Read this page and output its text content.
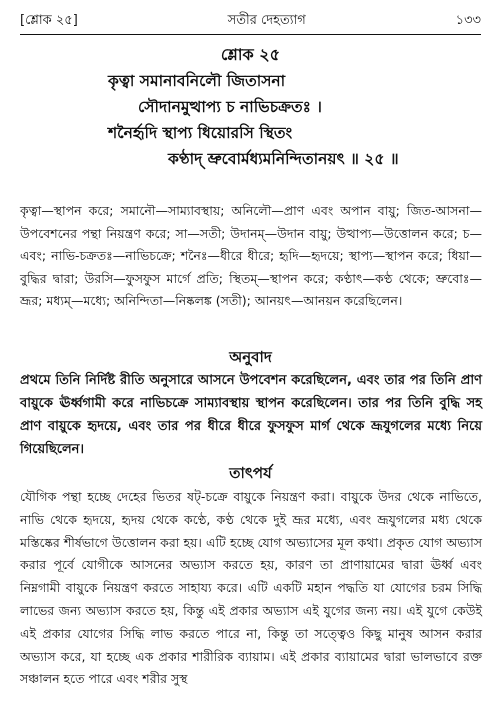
[শ্লোক ২৫]	সতীর দেহত্যাগ	১৩৩
শ্লোক ২৫
কৃত্বা সমানাবনিলৌ জিতাসনা
সৌদানমুত্থাপ্য চ নাভিচক্রতঃ ।
শনৈর্হৃদি স্থাপ্য ধিয়োরসি স্থিতং
কণ্ঠাদ্ ভ্রুবোর্মধ্যমনিন্দিতানয়ৎ ॥ ২৫ ॥
কৃত্বা—স্থাপন করে; সমানৌ—সাম্যাবস্থায়; অনিলৌ—প্রাণ এবং অপান বায়ু; জিত-আসনা—উপবেশনের পন্থা নিয়ন্ত্রণ করে; সা—সতী; উদানম্—উদান বায়ু; উত্থাপ্য—উত্তোলন করে; চ—এবং; নাভি-চক্রতঃ—নাভিচক্রে; শনৈঃ—ধীরে ধীরে; হৃদি—হৃদয়ে; স্থাপ্য—স্থাপন করে; ধিয়া—বুদ্ধির দ্বারা; উরসি—ফুসফুস মার্গে প্রতি; স্থিতম্—স্থাপন করে; কণ্ঠাৎ—কণ্ঠ থেকে; ভ্রুবোঃ—ভ্রূর; মধ্যম্—মধ্যে; অনিন্দিতা—নিষ্কলঙ্ক (সতী); আনয়ৎ—আনয়ন করেছিলেন।
অনুবাদ
প্রথমে তিনি নির্দিষ্ট রীতি অনুসারে আসনে উপবেশন করেছিলেন, এবং তার পর তিনি প্রাণ বায়ুকে ঊর্ধ্বগামী করে নাভিচক্রে সাম্যাবস্থায় স্থাপন করেছিলেন। তার পর তিনি বুদ্ধি সহ প্রাণ বায়ুকে হৃদয়ে, এবং তার পর ধীরে ধীরে ফুসফুস মার্গ থেকে ভ্রূযুগলের মধ্যে নিয়ে গিয়েছিলেন।
তাৎপর্য
যৌগিক পন্থা হচ্ছে দেহের ভিতর ষট্-চক্রে বায়ুকে নিয়ন্ত্রণ করা। বায়ুকে উদর থেকে নাভিতে, নাভি থেকে হৃদয়ে, হৃদয় থেকে কণ্ঠে, কণ্ঠ থেকে দুই ভ্রূর মধ্যে, এবং ভ্রূযুগলের মধ্য থেকে মস্তিষ্কের শীর্ষভাগে উত্তোলন করা হয়। এটি হচ্ছে যোগ অভ্যাসের মূল কথা। প্রকৃত যোগ অভ্যাস করার পূর্বে যোগীকে আসনের অভ্যাস করতে হয়, কারণ তা প্রাণায়ামের দ্বারা ঊর্ধ্ব এবং নিম্নগামী বায়ুকে নিয়ন্ত্রণ করতে সাহায্য করে। এটি একটি মহান পদ্ধতি যা যোগের চরম সিদ্ধি লাভের জন্য অভ্যাস করতে হয়, কিন্তু এই প্রকার অভ্যাস এই যুগের জন্য নয়। এই যুগে কেউই এই প্রকার যোগের সিদ্ধি লাভ করতে পারে না, কিন্তু তা সত্ত্বেও কিছু মানুষ আসন করার অভ্যাস করে, যা হচ্ছে এক প্রকার শারীরিক ব্যায়াম। এই প্রকার ব্যায়ামের দ্বারা ভালভাবে রক্ত সঞ্চালন হতে পারে এবং শরীর সুস্থ
